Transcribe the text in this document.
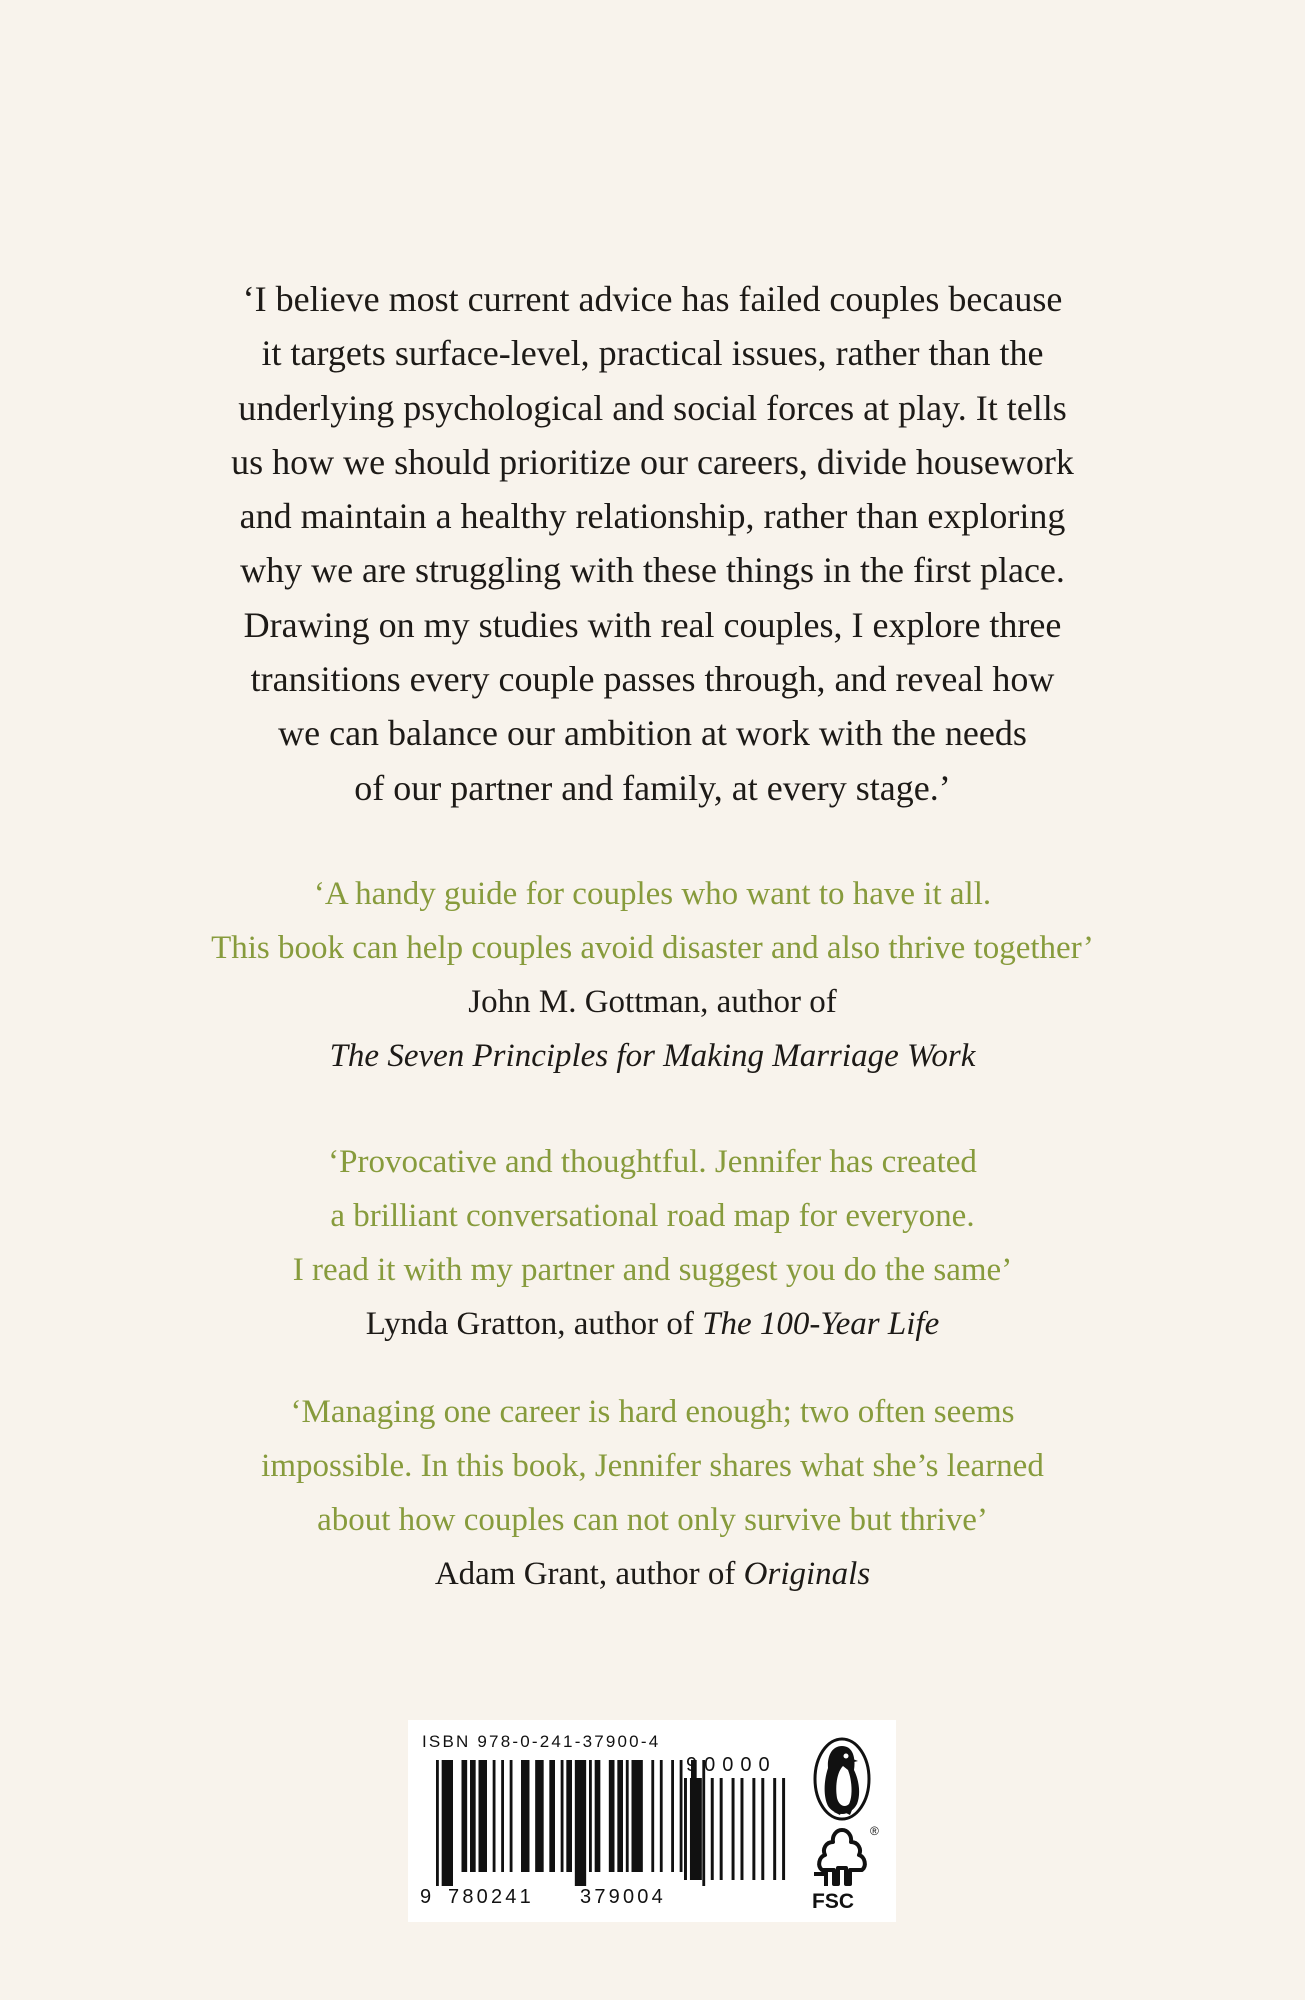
‘I believe most current advice has failed couples because
it targets surface-level, practical issues, rather than the
underlying psychological and social forces at play. It tells
us how we should prioritize our careers, divide housework
and maintain a healthy relationship, rather than exploring
why we are struggling with these things in the first place.
Drawing on my studies with real couples, I explore three
transitions every couple passes through, and reveal how
we can balance our ambition at work with the needs
of our partner and family, at every stage.’
‘A handy guide for couples who want to have it all.
This book can help couples avoid disaster and also thrive together’
John M. Gottman, author of
The Seven Principles for Making Marriage Work
‘Provocative and thoughtful. Jennifer has created
a brilliant conversational road map for everyone.
I read it with my partner and suggest you do the same’
Lynda Gratton, author of The 100-Year Life
‘Managing one career is hard enough; two often seems
impossible. In this book, Jennifer shares what she’s learned
about how couples can not only survive but thrive’
Adam Grant, author of Originals
ISBN 978-0-241-37900-4
90000
9 780241 379004
®
FSC
